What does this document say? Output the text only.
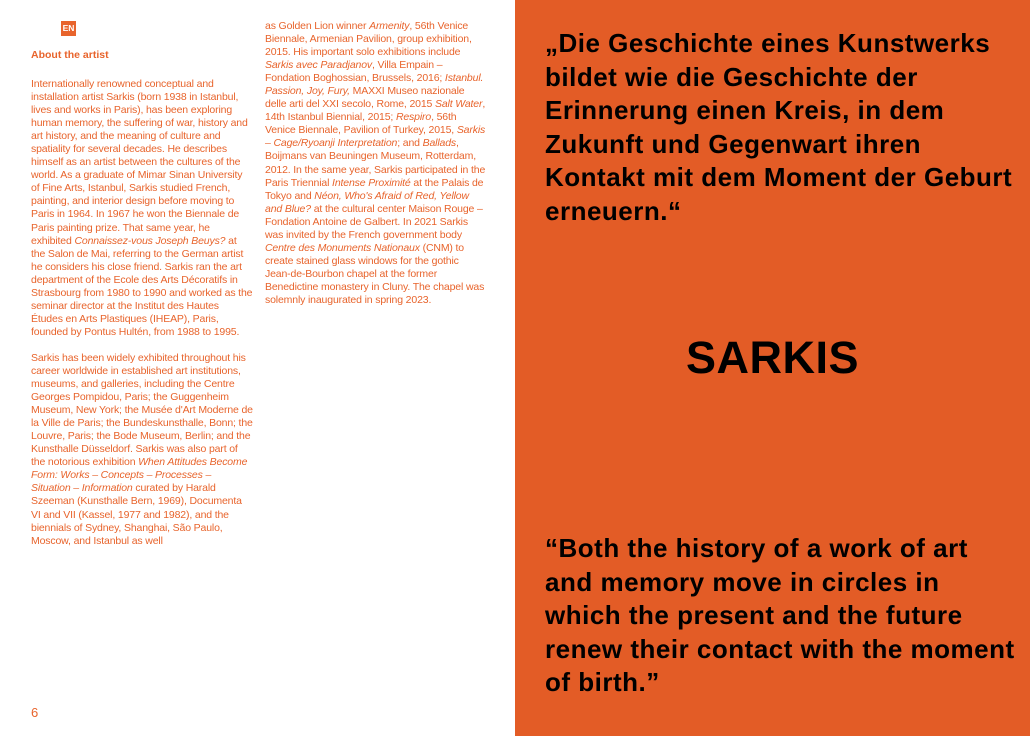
EN
About the artist

Internationally renowned conceptual and installation artist Sarkis (born 1938 in Istanbul, lives and works in Paris), has been exploring human memory, the suffering of war, history and art history, and the meaning of culture and spatiality for several decades. He describes himself as an artist between the cultures of the world. As a graduate of Mimar Sinan University of Fine Arts, Istanbul, Sarkis studied French, painting, and interior design before moving to Paris in 1964. In 1967 he won the Biennale de Paris painting prize. That same year, he exhibited Connaissez-vous Joseph Beuys? at the Salon de Mai, referring to the German artist he considers his close friend. Sarkis ran the art department of the Ecole des Arts Décoratifs in Strasbourg from 1980 to 1990 and worked as the seminar director at the Institut des Hautes Études en Arts Plastiques (IHEAP), Paris, founded by Pontus Hultén, from 1988 to 1995.

Sarkis has been widely exhibited throughout his career worldwide in established art institutions, museums, and galleries, including the Centre Georges Pompidou, Paris; the Guggenheim Museum, New York; the Musée d'Art Moderne de la Ville de Paris; the Bundeskunsthalle, Bonn; the Louvre, Paris; the Bode Museum, Berlin; and the Kunsthalle Düsseldorf. Sarkis was also part of the notorious exhibition When Attitudes Become Form: Works – Concepts – Processes – Situation – Information curated by Harald Szeeman (Kunsthalle Bern, 1969), Documenta VI and VII (Kassel, 1977 and 1982), and the biennials of Sydney, Shanghai, São Paulo, Moscow, and Istanbul as well

as Golden Lion winner Armenity, 56th Venice Biennale, Armenian Pavilion, group exhibition, 2015. His important solo exhibitions include Sarkis avec Paradjanov, Villa Empain – Fondation Boghossian, Brussels, 2016; Istanbul. Passion, Joy, Fury, MAXXI Museo nazionale delle arti del XXI secolo, Rome, 2015 Salt Water, 14th Istanbul Biennial, 2015; Respiro, 56th Venice Biennale, Pavilion of Turkey, 2015, Sarkis – Cage/Ryoanji Interpretation; and Ballads, Boijmans van Beuningen Museum, Rotterdam, 2012. In the same year, Sarkis participated in the Paris Triennial Intense Proximité at the Palais de Tokyo and Néon, Who's Afraid of Red, Yellow and Blue? at the cultural center Maison Rouge – Fondation Antoine de Galbert. In 2021 Sarkis was invited by the French government body Centre des Monuments Nationaux (CNM) to create stained glass windows for the gothic Jean-de-Bourbon chapel at the former Benedictine monastery in Cluny. The chapel was solemnly inaugurated in spring 2023.

6

„Die Geschichte eines Kunstwerks bildet wie die Geschichte der Erinnerung einen Kreis, in dem Zukunft und Gegenwart ihren Kontakt mit dem Moment der Geburt erneuern.“

SARKIS

“Both the history of a work of art and memory move in circles in which the present and the future renew their contact with the moment of birth.”
